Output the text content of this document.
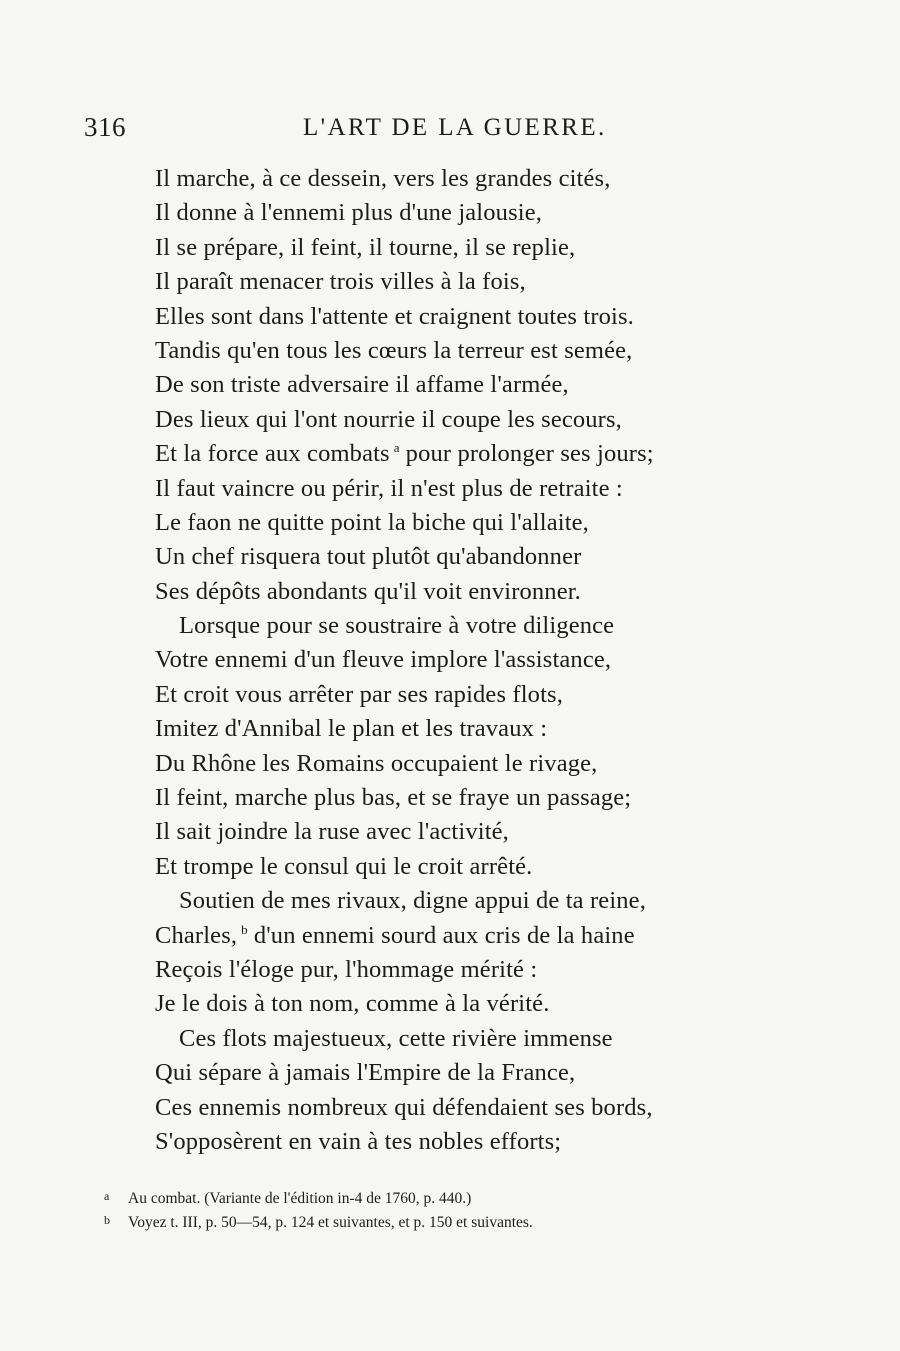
316	L'ART DE LA GUERRE.
Il marche, à ce dessein, vers les grandes cités,
Il donne à l'ennemi plus d'une jalousie,
Il se prépare, il feint, il tourne, il se replie,
Il paraît menacer trois villes à la fois,
Elles sont dans l'attente et craignent toutes trois.
Tandis qu'en tous les cœurs la terreur est semée,
De son triste adversaire il affame l'armée,
Des lieux qui l'ont nourrie il coupe les secours,
Et la force aux combats $^a$ pour prolonger ses jours;
Il faut vaincre ou périr, il n'est plus de retraite :
Le faon ne quitte point la biche qui l'allaite,
Un chef risquera tout plutôt qu'abandonner
Ses dépôts abondants qu'il voit environner.
Lorsque pour se soustraire à votre diligence
Votre ennemi d'un fleuve implore l'assistance,
Et croit vous arrêter par ses rapides flots,
Imitez d'Annibal le plan et les travaux :
Du Rhône les Romains occupaient le rivage,
Il feint, marche plus bas, et se fraye un passage;
Il sait joindre la ruse avec l'activité,
Et trompe le consul qui le croit arrêté.
Soutien de mes rivaux, digne appui de ta reine,
Charles, $^b$ d'un ennemi sourd aux cris de la haine
Reçois l'éloge pur, l'hommage mérité :
Je le dois à ton nom, comme à la vérité.
Ces flots majestueux, cette rivière immense
Qui sépare à jamais l'Empire de la France,
Ces ennemis nombreux qui défendaient ses bords,
S'opposèrent en vain à tes nobles efforts;
a Au combat. (Variante de l'édition in-4 de 1760, p. 440.)
b Voyez t. III, p. 50—54, p. 124 et suivantes, et p. 150 et suivantes.
